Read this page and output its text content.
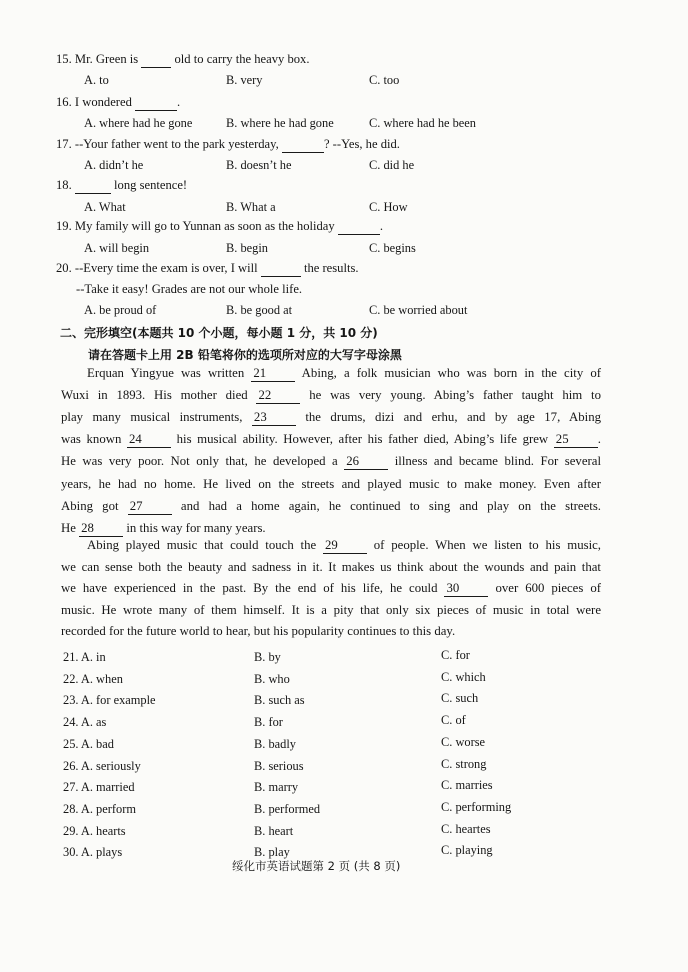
15. Mr. Green is   old to carry the heavy box.
A. to	B. very	C. too
16. I wondered	.
A. where had he gone	B. where he had gone	C. where had he been
17. --Your father went to the park yesterday,	? --Yes, he did.
A. didn’t he	B. doesn’t he	C. did he
18.	long sentence!
A. What	B. What a	C. How
19. My family will go to Yunnan as soon as the holiday	.
A. will begin	B. begin	C. begins
20. --Every time the exam is over, I will	the results.
--Take it easy! Grades are not our whole life.
A. be proud of	B. be good at	C. be worried about
二、完形填空(本题共 10 个小题，每小题 1 分，共 10 分)
请在答题卡上用 2B 铅笔将你的选项所对应的大写字母涂黑
Erquan Yingyue was written 21 Abing, a folk musician who was born in the city of
Wuxi in 1893. His mother died 22 he was very young. Abing’s father taught him to
play many musical instruments, 23 the drums, dizi and erhu, and by age 17, Abing
was known 24 his musical ability. However, after his father died, Abing’s life grew 25 .
He was very poor. Not only that, he developed a 26 illness and became blind. For several
years, he had no home. He lived on the streets and played music to make money. Even after
Abing got 27 and had a home again, he continued to sing and play on the streets.
He 28 in this way for many years.
Abing played music that could touch the 29 of people. When we listen to his music,
we can sense both the beauty and sadness in it. It makes us think about the wounds and pain that
we have experienced in the past. By the end of his life, he could 30 over 600 pieces of
music. He wrote many of them himself. It is a pity that only six pieces of music in total were
recorded for the future world to hear, but his popularity continues to this day.
21. A. in	B. by	C. for
22. A. when	B. who	C. which
23. A. for example	B. such as	C. such
24. A. as	B. for	C. of
25. A. bad	B. badly	C. worse
26. A. seriously	B. serious	C. strong
27. A. married	B. marry	C. marries
28. A. perform	B. performed	C. performing
29. A. hearts	B. heart	C. heartes
30. A. plays	B. play	C. playing
绥化市英语试题第 2 页 (共 8 页)
